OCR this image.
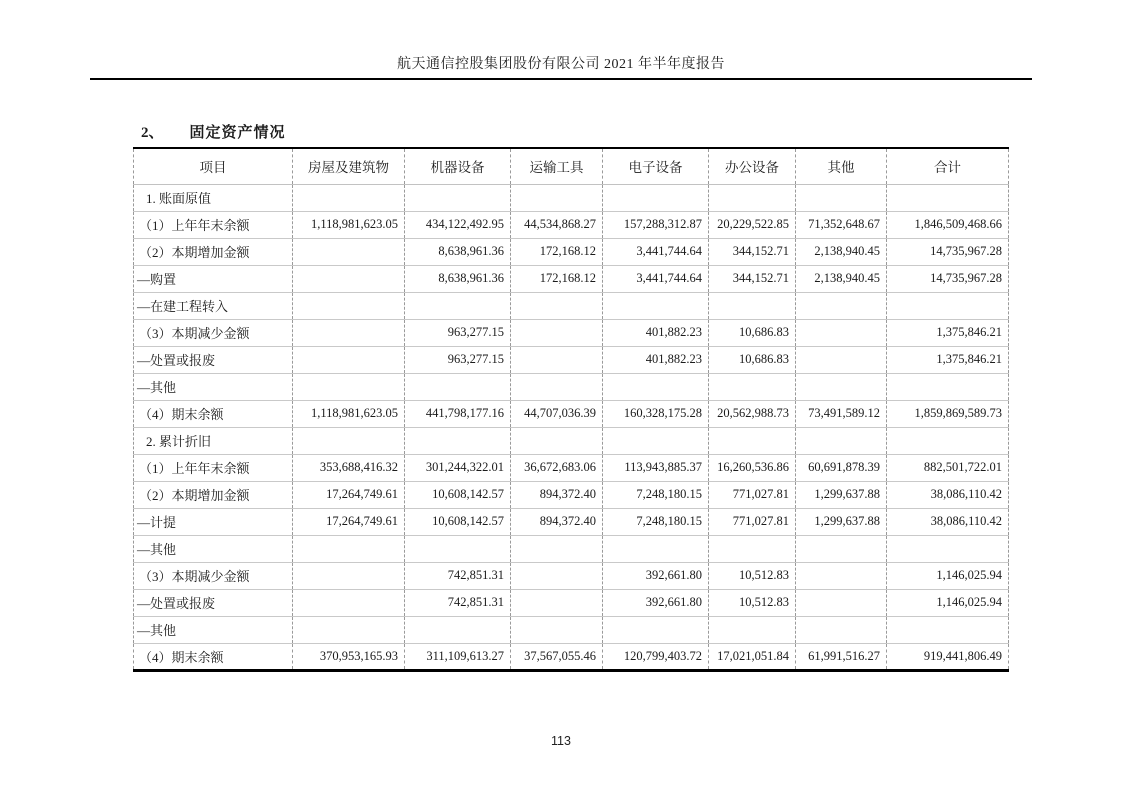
航天通信控股集团股份有限公司 2021 年半年度报告
2、 固定资产情况
项目	房屋及建筑物	机器设备	运输工具	电子设备	办公设备	其他	合计
1. 账面原值							
（1）上年年末余额	1,118,981,623.05	434,122,492.95	44,534,868.27	157,288,312.87	20,229,522.85	71,352,648.67	1,846,509,468.66
（2）本期增加金额		8,638,961.36	172,168.12	3,441,744.64	344,152.71	2,138,940.45	14,735,967.28
—购置		8,638,961.36	172,168.12	3,441,744.64	344,152.71	2,138,940.45	14,735,967.28
—在建工程转入							
（3）本期减少金额		963,277.15		401,882.23	10,686.83		1,375,846.21
—处置或报废		963,277.15		401,882.23	10,686.83		1,375,846.21
—其他							
（4）期末余额	1,118,981,623.05	441,798,177.16	44,707,036.39	160,328,175.28	20,562,988.73	73,491,589.12	1,859,869,589.73
2. 累计折旧							
（1）上年年末余额	353,688,416.32	301,244,322.01	36,672,683.06	113,943,885.37	16,260,536.86	60,691,878.39	882,501,722.01
（2）本期增加金额	17,264,749.61	10,608,142.57	894,372.40	7,248,180.15	771,027.81	1,299,637.88	38,086,110.42
—计提	17,264,749.61	10,608,142.57	894,372.40	7,248,180.15	771,027.81	1,299,637.88	38,086,110.42
—其他							
（3）本期减少金额		742,851.31		392,661.80	10,512.83		1,146,025.94
—处置或报废		742,851.31		392,661.80	10,512.83		1,146,025.94
—其他							
（4）期末余额	370,953,165.93	311,109,613.27	37,567,055.46	120,799,403.72	17,021,051.84	61,991,516.27	919,441,806.49
113
